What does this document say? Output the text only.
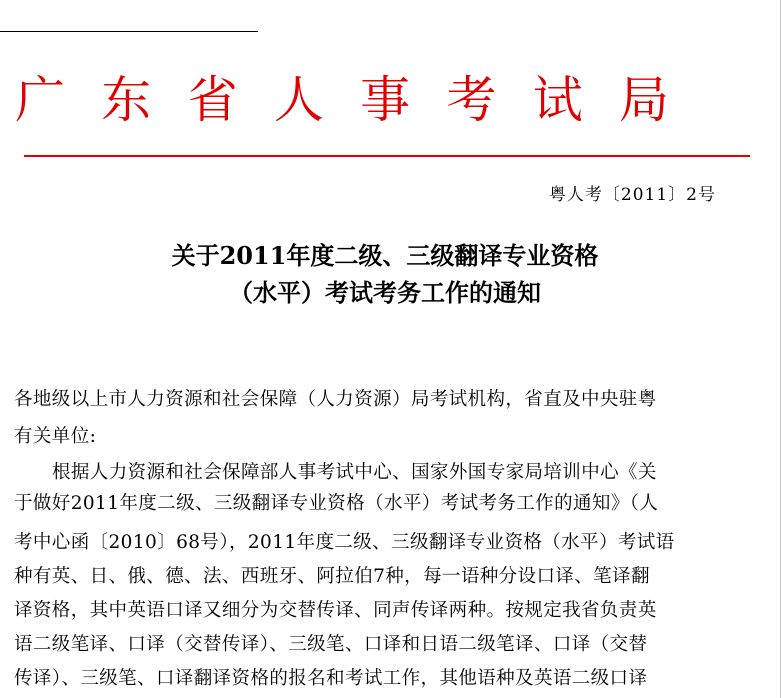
广 东 省 人 事 考 试 局
粤人考〔2011〕2号
关于2011年度二级、三级翻译专业资格
（水平）考试考务工作的通知
各地级以上市人力资源和社会保障（人力资源）局考试机构，省直及中央驻粤
有关单位:
根据人力资源和社会保障部人事考试中心、国家外国专家局培训中心《关
于做好2011年度二级、三级翻译专业资格（水平）考试考务工作的通知》（人
考中心函〔2010〕68号），2011年度二级、三级翻译专业资格（水平）考试语
种有英、日、俄、德、法、西班牙、阿拉伯7种，每一语种分设口译、笔译翻
译资格，其中英语口译又细分为交替传译、同声传译两种。按规定我省负责英
语二级笔译、口译（交替传译）、三级笔、口译和日语二级笔译、口译（交替
传译）、三级笔、口译翻译资格的报名和考试工作，其他语种及英语二级口译
